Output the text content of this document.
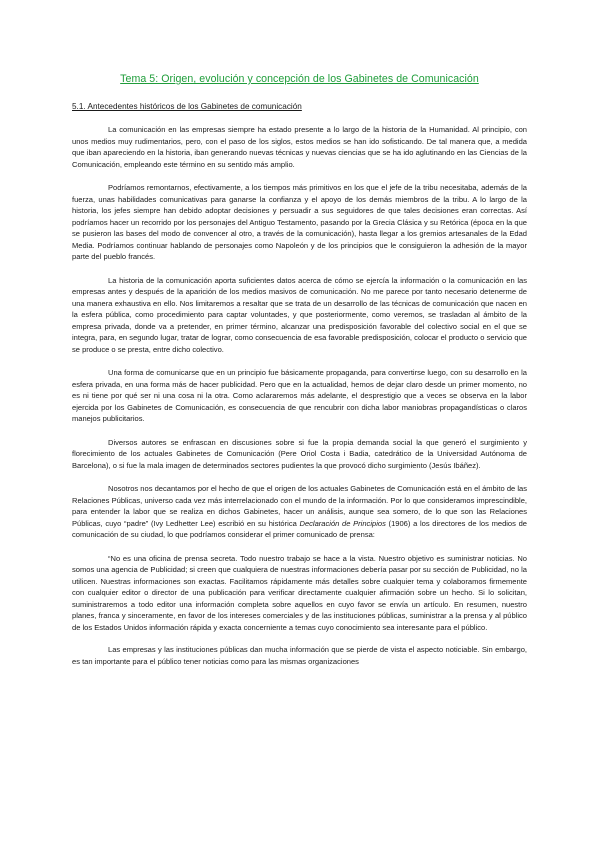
Tema 5: Origen, evolución y concepción de los Gabinetes de Comunicación
5.1. Antecedentes históricos de los Gabinetes de comunicación

La comunicación en las empresas siempre ha estado presente a lo largo de la historia de la Humanidad. Al principio, con unos medios muy rudimentarios, pero, con el paso de los siglos, estos medios se han ido sofisticando. De tal manera que, a medida que iban apareciendo en la historia, iban generando nuevas técnicas y nuevas ciencias que se ha ido aglutinando en las Ciencias de la Comunicación, empleando este término en su sentido más amplio.

Podríamos remontarnos, efectivamente, a los tiempos más primitivos en los que el jefe de la tribu necesitaba, además de la fuerza, unas habilidades comunicativas para ganarse la confianza y el apoyo de los demás miembros de la tribu. A lo largo de la historia, los jefes siempre han debido adoptar decisiones y persuadir a sus seguidores de que tales decisiones eran correctas. Así podríamos hacer un recorrido por los personajes del Antiguo Testamento, pasando por la Grecia Clásica y su Retórica (época en la que se pusieron las bases del modo de convencer al otro, a través de la comunicación), hasta llegar a los gremios artesanales de la Edad Media. Podríamos continuar hablando de personajes como Napoleón y de los principios que le consiguieron la adhesión de la mayor parte del pueblo francés.

La historia de la comunicación aporta suficientes datos acerca de cómo se ejercía la información o la comunicación en las empresas antes y después de la aparición de los medios masivos de comunicación. No me parece por tanto necesario detenerme de una manera exhaustiva en ello. Nos limitaremos a resaltar que se trata de un desarrollo de las técnicas de comunicación que nacen en la esfera pública, como procedimiento para captar voluntades, y que posteriormente, como veremos, se trasladan al ámbito de la empresa privada, donde va a pretender, en primer término, alcanzar una predisposición favorable del colectivo social en el que se integra, para, en segundo lugar, tratar de lograr, como consecuencia de esa favorable predisposición, colocar el producto o servicio que se produce o se presta, entre dicho colectivo.

Una forma de comunicarse que en un principio fue básicamente propaganda, para convertirse luego, con su desarrollo en la esfera privada, en una forma más de hacer publicidad. Pero que en la actualidad, hemos de dejar claro desde un primer momento, no es ni tiene por qué ser ni una cosa ni la otra. Como aclararemos más adelante, el desprestigio que a veces se observa en la labor ejercida por los Gabinetes de Comunicación, es consecuencia de que rencubrir con dicha labor maniobras propagandísticas o claros manejos publicitarios.

Diversos autores se enfrascan en discusiones sobre si fue la propia demanda social la que generó el surgimiento y florecimiento de los actuales Gabinetes de Comunicación (Pere Oriol Costa i Badia, catedrático de la Universidad Autónoma de Barcelona), o si fue la mala imagen de determinados sectores pudientes la que provocó dicho surgimiento (Jesús Ibáñez).

Nosotros nos decantamos por el hecho de que el origen de los actuales Gabinetes de Comunicación está en el ámbito de las Relaciones Públicas, universo cada vez más interrelacionado con el mundo de la información. Por lo que consideramos imprescindible, para entender la labor que se realiza en dichos Gabinetes, hacer un análisis, aunque sea somero, de lo que son las Relaciones Públicas, cuyo “padre” (Ivy Ledhetter Lee) escribió en su histórica Declaración de Principios (1906) a los directores de los medios de comunicación de su ciudad, lo que podríamos considerar el primer comunicado de prensa:

“No es una oficina de prensa secreta. Todo nuestro trabajo se hace a la vista. Nuestro objetivo es suministrar noticias. No somos una agencia de Publicidad; si creen que cualquiera de nuestras informaciones debería pasar por su sección de Publicidad, no la utilicen. Nuestras informaciones son exactas. Facilitamos rápidamente más detalles sobre cualquier tema y colaboramos firmemente con cualquier editor o director de una publicación para verificar directamente cualquier afirmación sobre un hecho. Si lo solicitan, suministraremos a todo editor una información completa sobre aquellos en cuyo favor se envía un artículo. En resumen, nuestro planes, franca y sinceramente, en favor de los intereses comerciales y de las instituciones públicas, suministrar a la prensa y al público de los Estados Unidos información rápida y exacta concerniente a temas cuyo conocimiento sea interesante para el público.

Las empresas y las instituciones públicas dan mucha información que se pierde de vista el aspecto noticiable. Sin embargo, es tan importante para el público tener noticias como para las mismas organizaciones
